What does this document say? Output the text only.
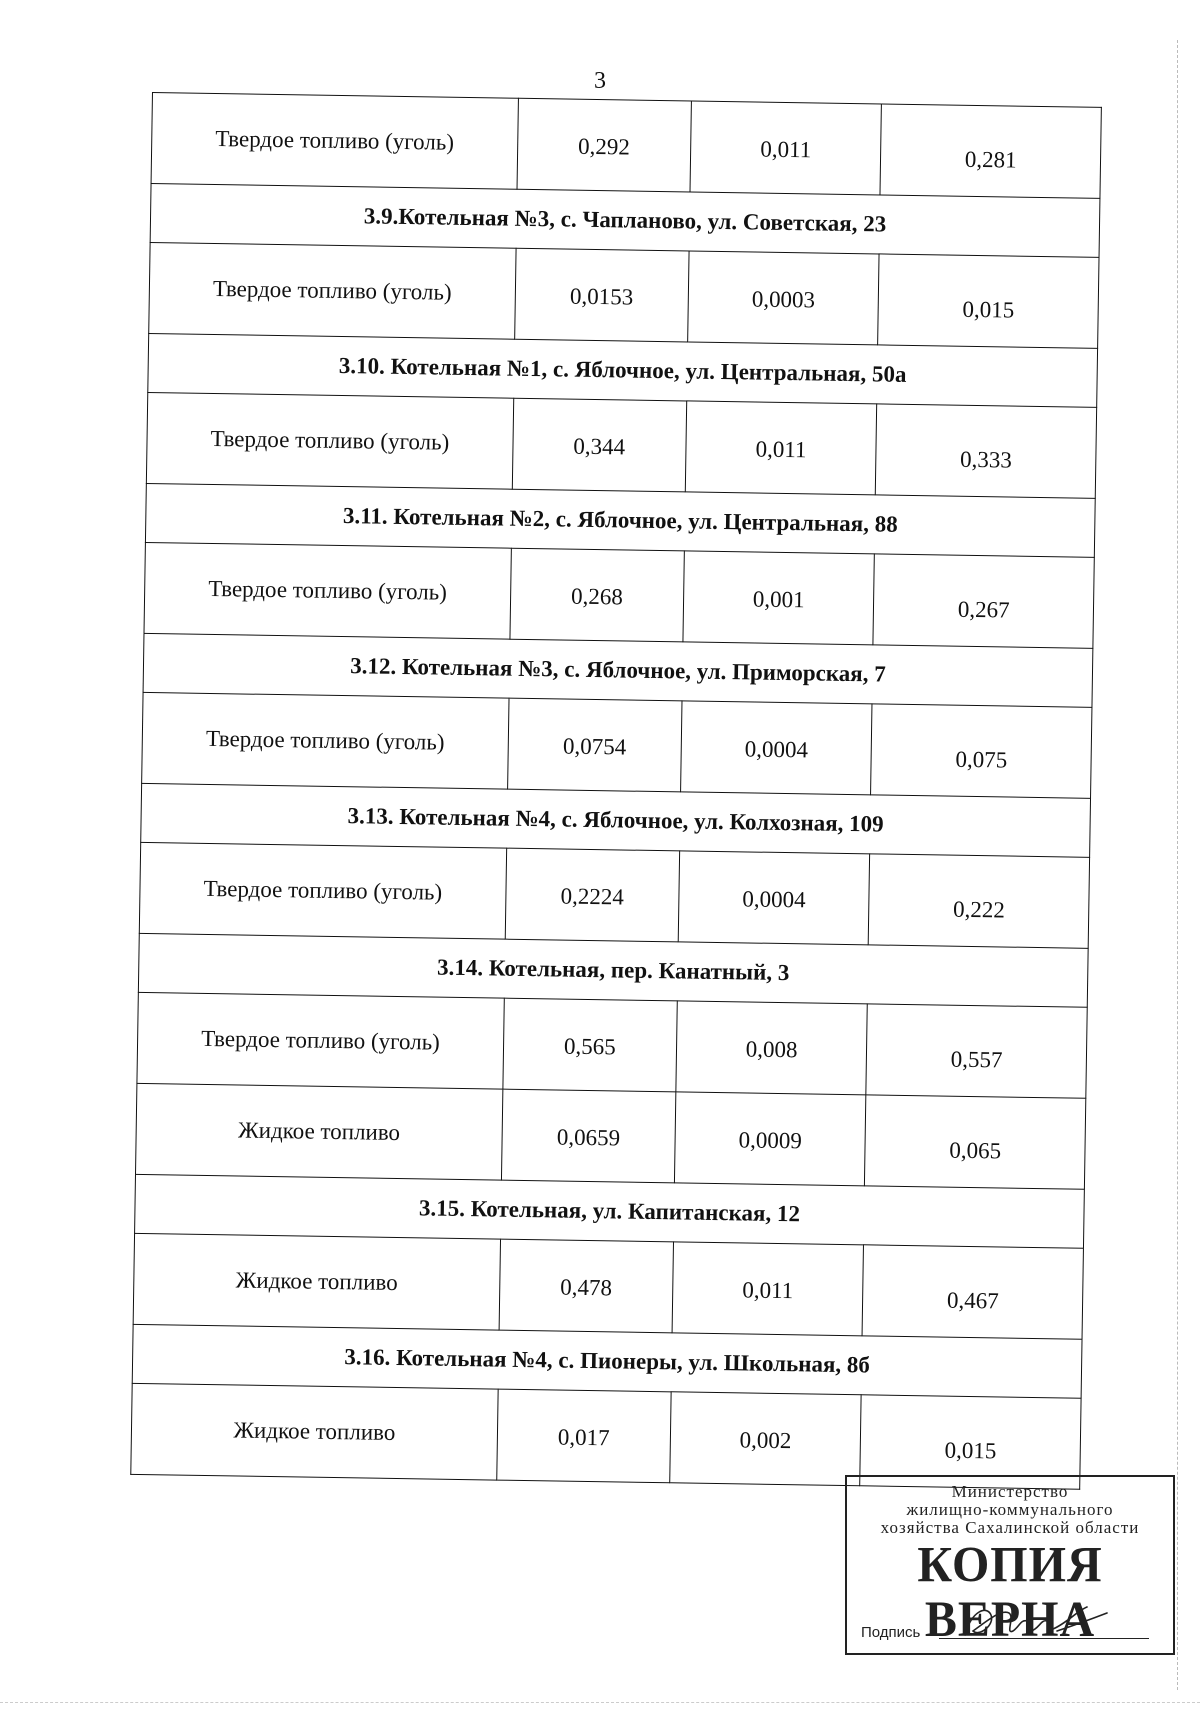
3
Твердое топливо (уголь)	0,292	0,011	0,281
3.9.Котельная №3, с. Чапланово, ул. Советская, 23			
Твердое топливо (уголь)	0,0153	0,0003	0,015
3.10. Котельная №1, с. Яблочное, ул. Центральная, 50а			
Твердое топливо (уголь)	0,344	0,011	0,333
3.11. Котельная №2, с. Яблочное, ул. Центральная, 88			
Твердое топливо (уголь)	0,268	0,001	0,267
3.12. Котельная №3, с. Яблочное, ул. Приморская, 7			
Твердое топливо (уголь)	0,0754	0,0004	0,075
3.13. Котельная №4, с. Яблочное, ул. Колхозная, 109			
Твердое топливо (уголь)	0,2224	0,0004	0,222
3.14. Котельная, пер. Канатный, 3			
Твердое топливо (уголь)	0,565	0,008	0,557
Жидкое топливо	0,0659	0,0009	0,065
3.15. Котельная, ул. Капитанская, 12			
Жидкое топливо	0,478	0,011	0,467
3.16. Котельная №4, с. Пионеры, ул. Школьная, 8б			
Жидкое топливо	0,017	0,002	0,015
Министерство
жилищно-коммунального
хозяйства Сахалинской области
КОПИЯ ВЕРНА
Подпись
